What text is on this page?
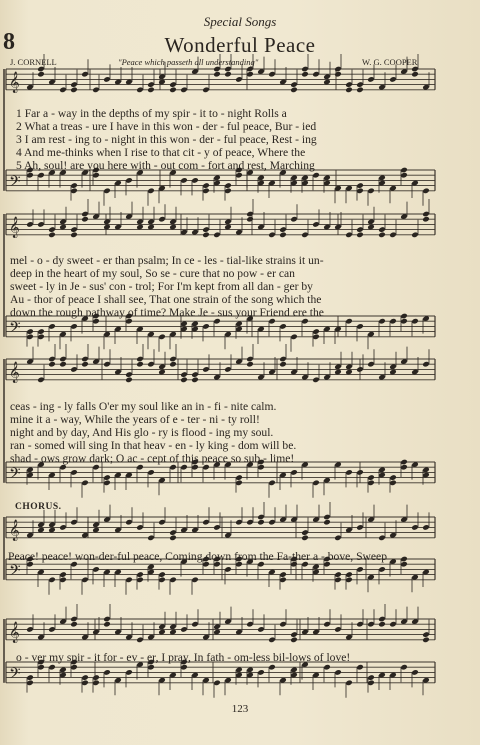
Special Songs
8	Wonderful Peace
J. CORNELL	"Peace which passeth all understanding"	W. G. COOPER
𝄞
𝄢
𝄞
𝄢
𝄞
𝄢
𝄞
𝄢
𝄞
𝄢
1 Far a - way in the depths of my spir - it to - night Rolls a
2 What a treas - ure I have in this won - der - ful peace, Bur - ied
3 I am rest - ing to - night in this won - der - ful peace, Rest - ing
4 And me-thinks when I rise to that cit - y of peace, Where the
5 Ah, soul! are you here with - out com - fort and rest, Marching
mel - o - dy sweet - er than psalm; In ce - les - tial-like strains it un-
deep in the heart of my soul, So se - cure that no pow - er can
sweet - ly in Je - sus' con - trol; For I'm kept from all dan - ger by
Au - thor of peace I shall see, That one strain of the song which the
down the rough pathway of time? Make Je - sus your Friend ere the
ceas - ing - ly falls O'er my soul like an in - fi - nite calm.
mine it a - way, While the years of e - ter - ni - ty roll!
night and by day, And His glo - ry is flood - ing my soul.
ran - somed will sing In that heav - en - ly king - dom will be.
shad - ows grow dark; O ac - cept of this peace so sub - lime!
CHORUS.
Peace! peace! won-der-ful peace, Coming down from the Fa-ther a - bove, Sweep
o - ver my spir - it for - ev - er, I pray, In fath - om-less bil-lows of love!
123
